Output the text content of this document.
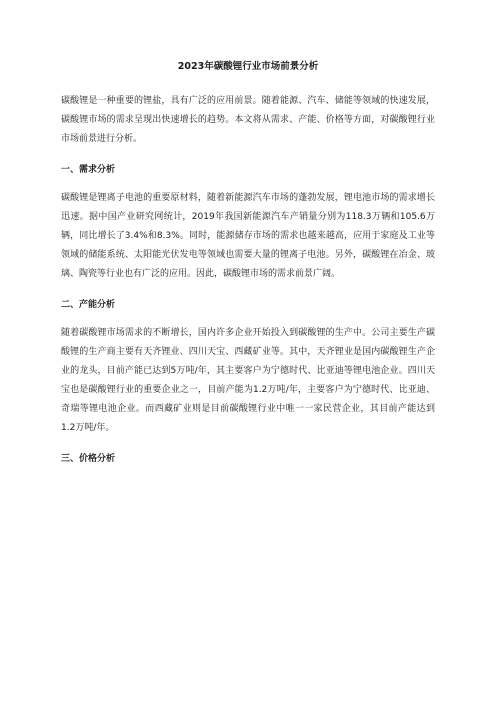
2023年碳酸锂行业市场前景分析

碳酸锂是一种重要的锂盐，具有广泛的应用前景。随着能源、汽车、储能等领域的快速发展，碳酸锂市场的需求呈现出快速增长的趋势。本文将从需求、产能、价格等方面，对碳酸锂行业市场前景进行分析。

一、需求分析

碳酸锂是锂离子电池的重要原材料，随着新能源汽车市场的蓬勃发展，锂电池市场的需求增长迅速。据中国产业研究网统计，2019年我国新能源汽车产销量分别为118.3万辆和105.6万辆，同比增长了3.4%和8.3%。同时，能源储存市场的需求也越来越高，应用于家庭及工业等领域的储能系统、太阳能光伏发电等领域也需要大量的锂离子电池。另外，碳酸锂在冶金、玻璃、陶瓷等行业也有广泛的应用。因此，碳酸锂市场的需求前景广阔。

二、产能分析

随着碳酸锂市场需求的不断增长，国内许多企业开始投入到碳酸锂的生产中。公司主要生产碳酸锂的生产商主要有天齐锂业、四川天宝、西藏矿业等。其中，天齐锂业是国内碳酸锂生产企业的龙头，目前产能已达到5万吨/年，其主要客户为宁德时代、比亚迪等锂电池企业。四川天宝也是碳酸锂行业的重要企业之一，目前产能为1.2万吨/年，主要客户为宁德时代、比亚迪、奇瑞等锂电池企业。而西藏矿业则是目前碳酸锂行业中唯一一家民营企业，其目前产能达到1.2万吨/年。

三、价格分析
